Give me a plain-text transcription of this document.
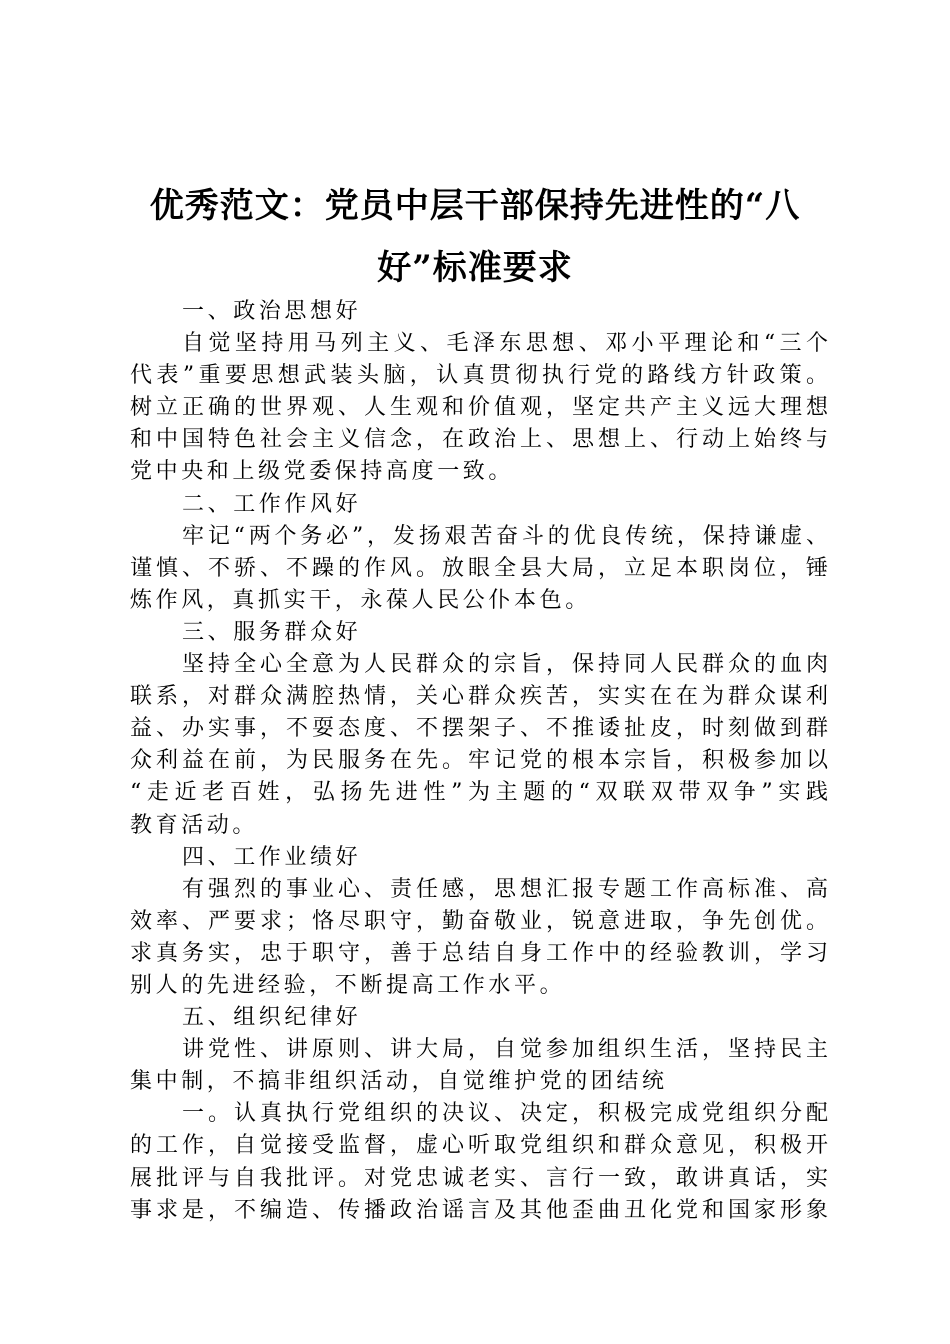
优秀范文：党员中层干部保持先进性的“八
好”标准要求
一、政治思想好
自觉坚持用马列主义、毛泽东思想、邓小平理论和“三个
代表”重要思想武装头脑，认真贯彻执行党的路线方针政策。
树立正确的世界观、人生观和价值观，坚定共产主义远大理想
和中国特色社会主义信念，在政治上、思想上、行动上始终与
党中央和上级党委保持高度一致。
二、工作作风好
牢记“两个务必”，发扬艰苦奋斗的优良传统，保持谦虚、
谨慎、不骄、不躁的作风。放眼全县大局，立足本职岗位，锤
炼作风，真抓实干，永葆人民公仆本色。
三、服务群众好
坚持全心全意为人民群众的宗旨，保持同人民群众的血肉
联系，对群众满腔热情，关心群众疾苦，实实在在为群众谋利
益、办实事，不耍态度、不摆架子、不推诿扯皮，时刻做到群
众利益在前，为民服务在先。牢记党的根本宗旨，积极参加以
“走近老百姓，弘扬先进性”为主题的“双联双带双争”实践
教育活动。
四、工作业绩好
有强烈的事业心、责任感，思想汇报专题工作高标准、高
效率、严要求；恪尽职守，勤奋敬业，锐意进取，争先创优。
求真务实，忠于职守，善于总结自身工作中的经验教训，学习
别人的先进经验，不断提高工作水平。
五、组织纪律好
讲党性、讲原则、讲大局，自觉参加组织生活，坚持民主
集中制，不搞非组织活动，自觉维护党的团结统
一。认真执行党组织的决议、决定，积极完成党组织分配
的工作，自觉接受监督，虚心听取党组织和群众意见，积极开
展批评与自我批评。对党忠诚老实、言行一致，敢讲真话，实
事求是，不编造、传播政治谣言及其他歪曲丑化党和国家形象
